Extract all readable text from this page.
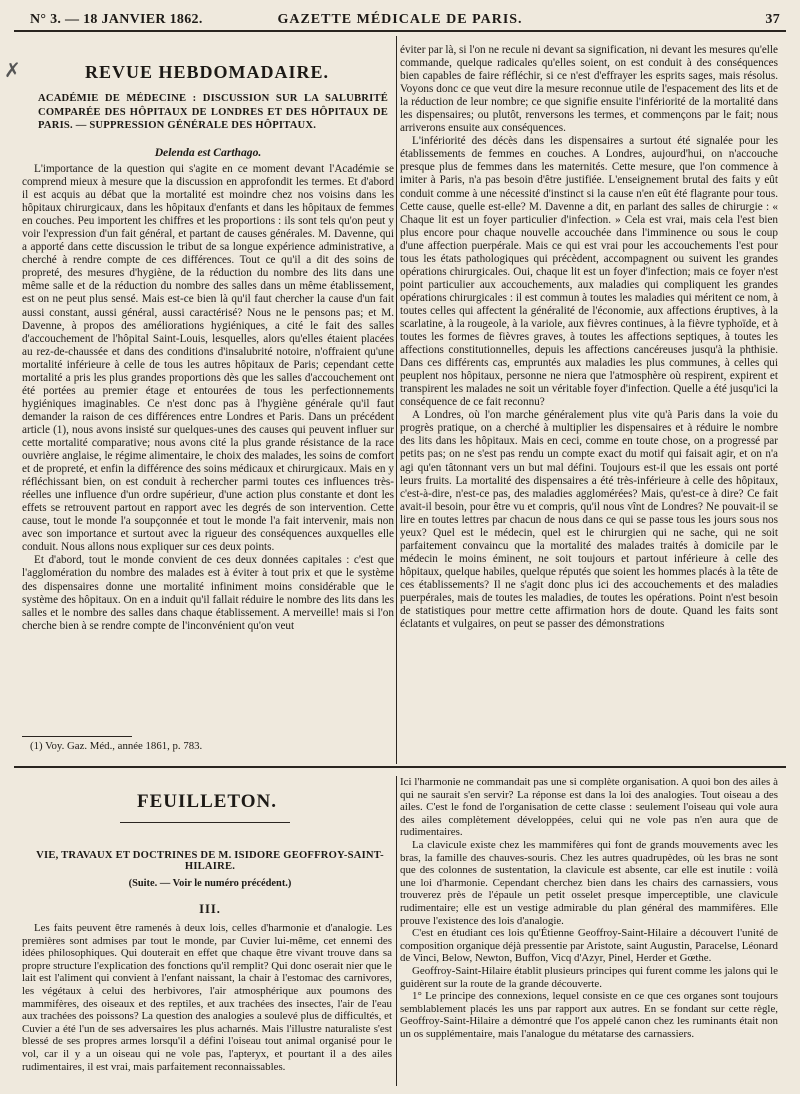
✗
N° 3. — 18 JANVIER 1862.	GAZETTE MÉDICALE DE PARIS.	37
REVUE HEBDOMADAIRE.
ACADÉMIE DE MÉDECINE : DISCUSSION SUR LA SALUBRITÉ COMPARÉE DES HÔPITAUX DE LONDRES ET DES HÔPITAUX DE PARIS. — SUPPRESSION GÉNÉRALE DES HÔPITAUX.
Delenda est Carthago.

L'importance de la question qui s'agite en ce moment devant l'Académie se comprend mieux à mesure que la discussion en approfondit les termes. Et d'abord il est acquis au débat que la mortalité est moindre chez nos voisins dans les hôpitaux chirurgicaux, dans les hôpitaux d'enfants et dans les hôpitaux de femmes en couches. Peu importent les chiffres et les proportions : ils sont tels qu'on peut y voir l'expression d'un fait général, et partant de causes générales. M. Davenne, qui a apporté dans cette discussion le tribut de sa longue expérience administrative, a cherché à rendre compte de ces différences. Tout ce qu'il a dit des soins de propreté, des mesures d'hygiène, de la réduction du nombre des lits dans une même salle et de la réduction du nombre des salles dans un même établissement, est on ne peut plus sensé. Mais est-ce bien là qu'il faut chercher la cause d'un fait aussi constant, aussi général, aussi caractérisé? Nous ne le pensons pas; et M. Davenne, à propos des améliorations hygiéniques, a cité le fait des salles d'accouchement de l'hôpital Saint-Louis, lesquelles, alors qu'elles étaient placées au rez-de-chaussée et dans des conditions d'insalubrité notoire, n'offraient qu'une mortalité inférieure à celle de tous les autres hôpitaux de Paris; cependant cette mortalité a pris les plus grandes proportions dès que les salles d'accouchement ont été portées au premier étage et entourées de tous les perfectionnements hygiéniques imaginables. Ce n'est donc pas à l'hygiène générale qu'il faut demander la raison de ces différences entre Londres et Paris. Dans un précédent article (1), nous avons insisté sur quelques-unes des causes qui peuvent influer sur cette mortalité comparative; nous avons cité la plus grande résistance de la race ouvrière anglaise, le régime alimentaire, le choix des malades, les soins de comfort et de propreté, et enfin la différence des soins médicaux et chirurgicaux. Mais en y réfléchissant bien, on est conduit à rechercher parmi toutes ces influences très-réelles une influence d'un ordre supérieur, d'une action plus constante et dont les effets se retrouvent partout en rapport avec les degrés de son intervention. Cette cause, tout le monde l'a soupçonnée et tout le monde l'a fait intervenir, mais non avec son importance et surtout avec la rigueur des conséquences auxquelles elle conduit. Nous allons nous expliquer sur ces deux points.

Et d'abord, tout le monde convient de ces deux données capitales : c'est que l'agglomération du nombre des malades est à éviter à tout prix et que le système des dispensaires donne une mortalité infiniment moins considérable que le système des hôpitaux. On en a induit qu'il fallait réduire le nombre des lits dans les salles et le nombre des salles dans chaque établissement. A merveille! mais si l'on cherche bien à se rendre compte de l'inconvénient qu'on veut

(1) Voy. Gaz. Méd., année 1861, p. 783.

éviter par là, si l'on ne recule ni devant sa signification, ni devant les mesures qu'elle commande, quelque radicales qu'elles soient, on est conduit à des conséquences bien capables de faire réfléchir, si ce n'est d'effrayer les esprits sages, mais résolus. Voyons donc ce que veut dire la mesure reconnue utile de l'espacement des lits et de la réduction de leur nombre; ce que signifie ensuite l'infériorité de la mortalité dans les dispensaires; ou plutôt, renversons les termes, et commençons par le fait; nous arriverons ensuite aux conséquences.

L'infériorité des décès dans les dispensaires a surtout été signalée pour les établissements de femmes en couches. A Londres, aujourd'hui, on n'accouche presque plus de femmes dans les maternités. Cette mesure, que l'on commence à imiter à Paris, n'a pas besoin d'être justifiée. L'enseignement brutal des faits y eût conduit comme à une nécessité d'instinct si la cause n'en eût été flagrante pour tous. Cette cause, quelle est-elle? M. Davenne a dit, en parlant des salles de chirurgie : « Chaque lit est un foyer particulier d'infection. » Cela est vrai, mais cela l'est bien plus encore pour chaque nouvelle accouchée dans l'imminence ou sous le coup d'une affection puerpérale. Mais ce qui est vrai pour les accouchements l'est pour tous les états pathologiques qui précèdent, accompagnent ou suivent les grandes opérations chirurgicales. Oui, chaque lit est un foyer d'infection; mais ce foyer n'est point particulier aux accouchements, aux maladies qui compliquent les grandes opérations chirurgicales : il est commun à toutes les maladies qui méritent ce nom, à toutes celles qui affectent la généralité de l'économie, aux affections éruptives, à la scarlatine, à la rougeole, à la variole, aux fièvres continues, à la fièvre typhoïde, et à toutes les formes de fièvres graves, à toutes les affections septiques, à toutes les affections constitutionnelles, depuis les affections cancéreuses jusqu'à la phthisie. Dans ces différents cas, empruntés aux maladies les plus communes, à celles qui peuplent nos hôpitaux, personne ne niera que l'atmosphère où respirent, expirent et transpirent les malades ne soit un véritable foyer d'infection. Quelle a été jusqu'ici la conséquence de ce fait reconnu?

A Londres, où l'on marche généralement plus vite qu'à Paris dans la voie du progrès pratique, on a cherché à multiplier les dispensaires et à réduire le nombre des lits dans les hôpitaux. Mais en ceci, comme en toute chose, on a progressé par petits pas; on ne s'est pas rendu un compte exact du motif qui faisait agir, et on n'a agi qu'en tâtonnant vers un but mal défini. Toujours est-il que les essais ont porté leurs fruits. La mortalité des dispensaires a été très-inférieure à celle des hôpitaux, c'est-à-dire, n'est-ce pas, des maladies agglomérées? Mais, qu'est-ce à dire? Ce fait avait-il besoin, pour être vu et compris, qu'il nous vînt de Londres? Ne pouvait-il se lire en toutes lettres par chacun de nous dans ce qui se passe tous les jours sous nos yeux? Quel est le médecin, quel est le chirurgien qui ne sache, qui ne soit parfaitement convaincu que la mortalité des malades traités à domicile par le médecin le moins éminent, ne soit toujours et partout inférieure à celle des hôpitaux, quelque habiles, quelque réputés que soient les hommes placés à la tête de ces établissements? Il ne s'agit donc plus ici des accouchements et des maladies puerpérales, mais de toutes les maladies, de toutes les opérations. Point n'est besoin de statistiques pour mettre cette affirmation hors de doute. Quand les faits sont éclatants et vulgaires, on peut se passer des démonstrations

FEUILLETON.
VIE, TRAVAUX ET DOCTRINES DE M. ISIDORE GEOFFROY-SAINT-HILAIRE.
(Suite. — Voir le numéro précédent.)
III.

Les faits peuvent être ramenés à deux lois, celles d'harmonie et d'analogie. Les premières sont admises par tout le monde, par Cuvier lui-même, cet ennemi des idées philosophiques. Qui douterait en effet que chaque être vivant trouve dans sa propre structure l'explication des fonctions qu'il remplit? Qui donc oserait nier que le lait est l'aliment qui convient à l'enfant naissant, la chair à l'estomac des carnivores, les végétaux à celui des herbivores, l'air atmosphérique aux poumons des mammifères, des oiseaux et des reptiles, et aux trachées des insectes, l'air de l'eau aux trachées des poissons? La question des analogies a soulevé plus de difficultés, et Cuvier a été l'un de ses adversaires les plus acharnés. Mais l'illustre naturaliste s'est blessé de ses propres armes lorsqu'il a défini l'oiseau tout animal organisé pour le vol, car il y a un oiseau qui ne vole pas, l'apteryx, et pourtant il a des ailes rudimentaires, il est vrai, mais parfaitement reconnaissables.

Ici l'harmonie ne commandait pas une si complète organisation. A quoi bon des ailes à qui ne saurait s'en servir? La réponse est dans la loi des analogies. Tout oiseau a des ailes. C'est le fond de l'organisation de cette classe : seulement l'oiseau qui vole aura des ailes complètement développées, celui qui ne vole pas n'en aura que de rudimentaires.

La clavicule existe chez les mammifères qui font de grands mouvements avec les bras, la famille des chauves-souris. Chez les autres quadrupèdes, où les bras ne sont que des colonnes de sustentation, la clavicule est absente, car elle est inutile : voilà une loi d'harmonie. Cependant cherchez bien dans les chairs des carnassiers, vous trouverez près de l'épaule un petit osselet presque imperceptible, une clavicule rudimentaire; elle est un vestige admirable du plan général des mammifères. Elle prouve l'existence des lois d'analogie.

C'est en étudiant ces lois qu'Étienne Geoffroy-Saint-Hilaire a découvert l'unité de composition organique déjà pressentie par Aristote, saint Augustin, Paracelse, Léonard de Vinci, Below, Newton, Buffon, Vicq d'Azyr, Pinel, Herder et Gœthe.

Geoffroy-Saint-Hilaire établit plusieurs principes qui furent comme les jalons qui le guidèrent sur la route de la grande découverte.

1° Le principe des connexions, lequel consiste en ce que ces organes sont toujours semblablement placés les uns par rapport aux autres. En se fondant sur cette règle, Geoffroy-Saint-Hilaire a démontré que l'os appelé canon chez les ruminants était non un os supplémentaire, mais l'analogue du métatarse des carnassiers.
